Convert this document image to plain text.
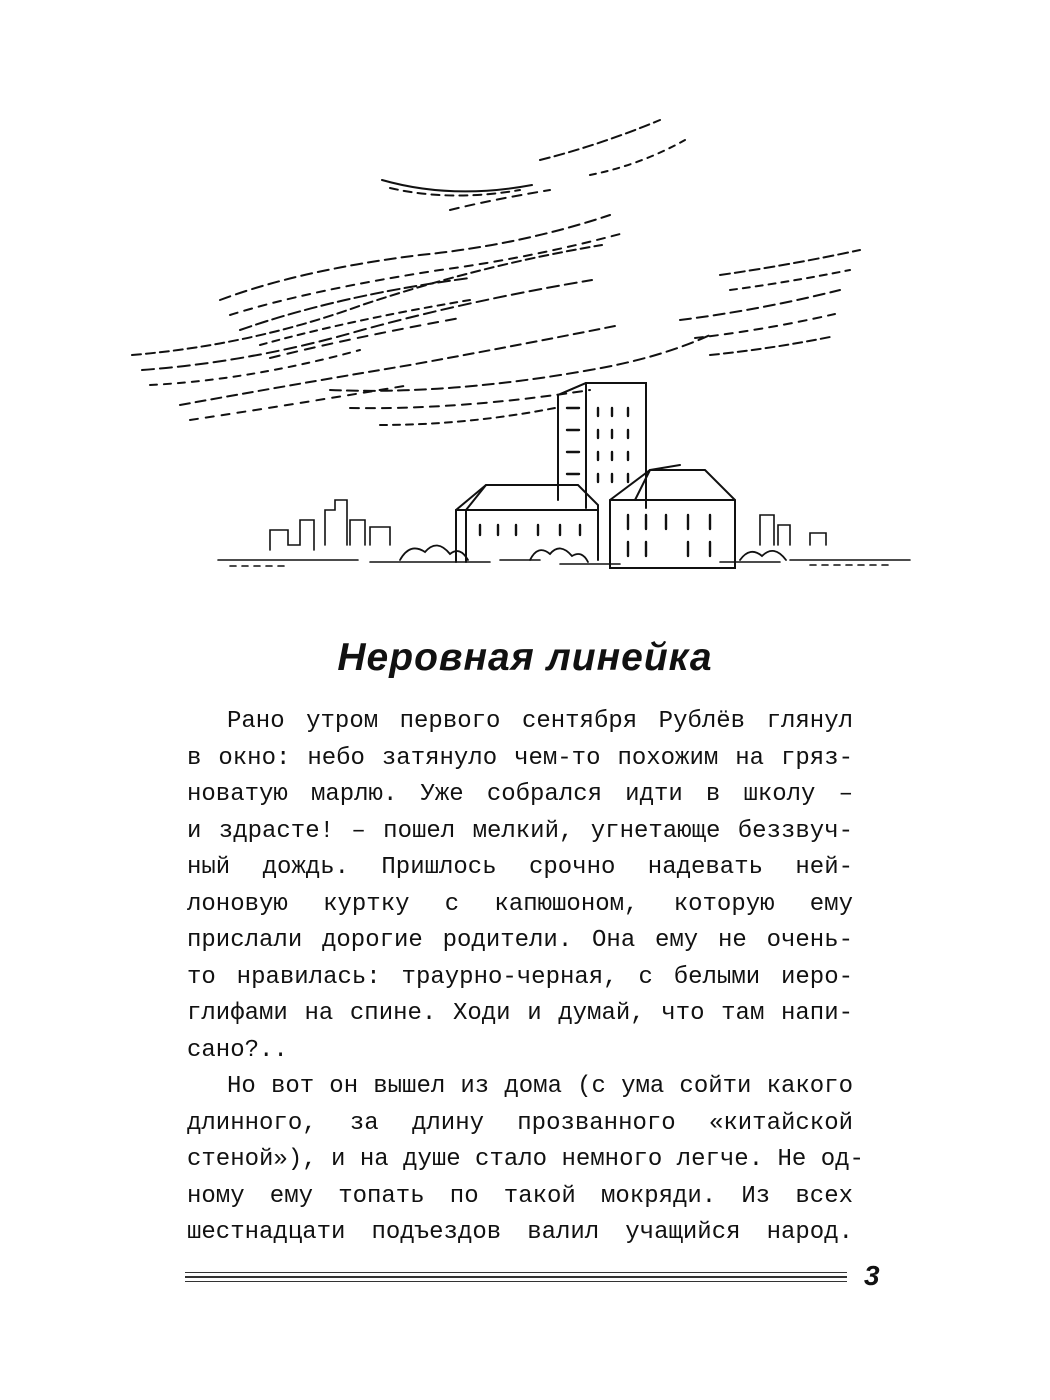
Неровная линейка
Рано утром первого сентября Рублёв глянул
в окно: небо затянуло чем-то похожим на гряз-
новатую марлю. Уже собрался идти в школу –
и здрасте! – пошел мелкий, угнетающе беззвуч-
ный дождь. Пришлось срочно надевать ней-
лоновую куртку с капюшоном, которую ему
прислали дорогие родители. Она ему не очень-
то нравилась: траурно-черная, с белыми иеро-
глифами на спине. Ходи и думай, что там напи-
сано?..
Но вот он вышел из дома (с ума сойти какого
длинного, за длину прозванного «китайской
стеной»), и на душе стало немного легче. Не од-
ному ему топать по такой мокряди. Из всех
шестнадцати подъездов валил учащийся народ.
3
